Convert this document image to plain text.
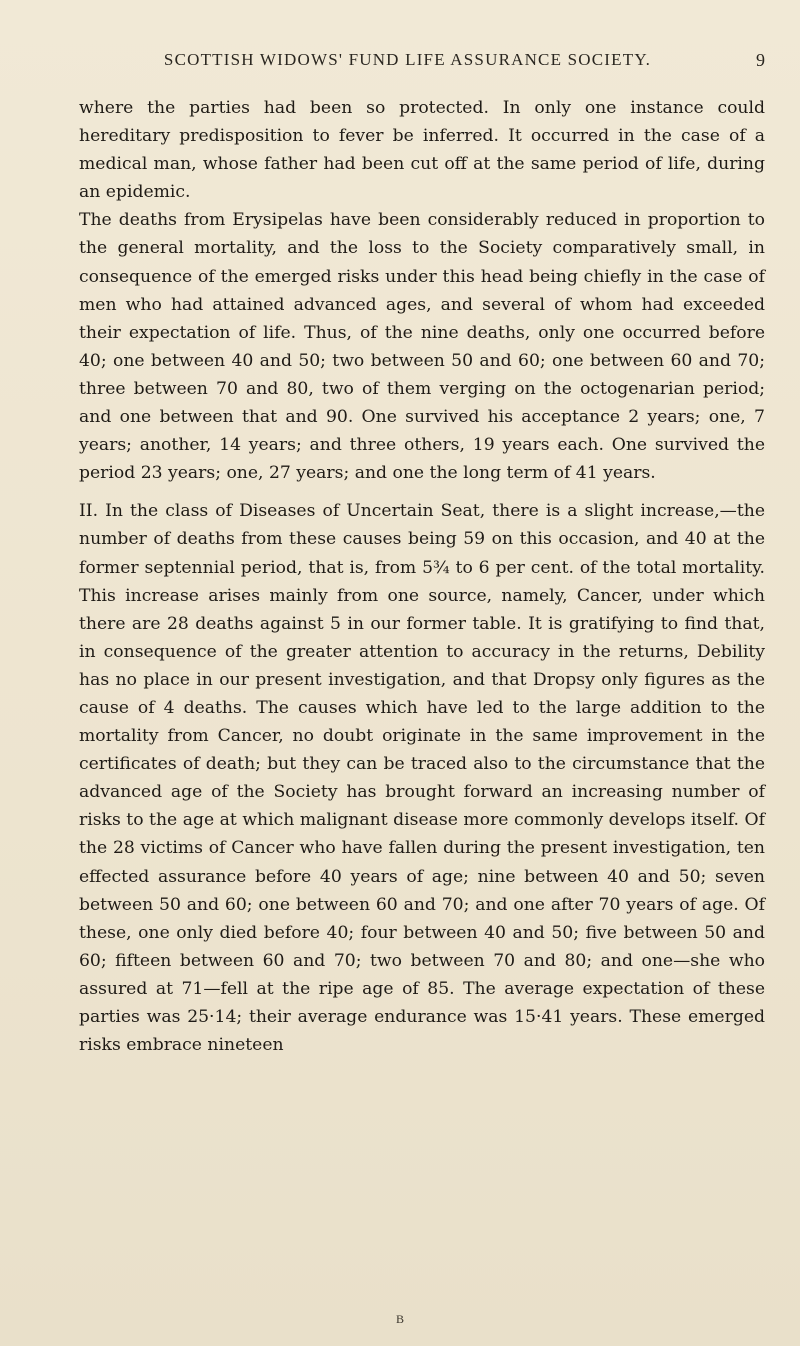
SCOTTISH WIDOWS' FUND LIFE ASSURANCE SOCIETY.	9

where the parties had been so protected. In only one instance could hereditary predisposition to fever be inferred. It occurred in the case of a medical man, whose father had been cut off at the same period of life, during an epidemic.

The deaths from Erysipelas have been considerably reduced in proportion to the general mortality, and the loss to the Society comparatively small, in consequence of the emerged risks under this head being chiefly in the case of men who had attained advanced ages, and several of whom had exceeded their expectation of life. Thus, of the nine deaths, only one occurred before 40; one between 40 and 50; two between 50 and 60; one between 60 and 70; three between 70 and 80, two of them verging on the octogenarian period; and one between that and 90. One survived his acceptance 2 years; one, 7 years; another, 14 years; and three others, 19 years each. One survived the period 23 years; one, 27 years; and one the long term of 41 years.

II. In the class of Diseases of Uncertain Seat, there is a slight increase,—the number of deaths from these causes being 59 on this occasion, and 40 at the former septennial period, that is, from 5¾ to 6 per cent. of the total mortality. This increase arises mainly from one source, namely, Cancer, under which there are 28 deaths against 5 in our former table. It is gratifying to find that, in consequence of the greater attention to accuracy in the returns, Debility has no place in our present investigation, and that Dropsy only figures as the cause of 4 deaths. The causes which have led to the large addition to the mortality from Cancer, no doubt originate in the same improvement in the certificates of death; but they can be traced also to the circumstance that the advanced age of the Society has brought forward an increasing number of risks to the age at which malignant disease more commonly develops itself. Of the 28 victims of Cancer who have fallen during the present investigation, ten effected assurance before 40 years of age; nine between 40 and 50; seven between 50 and 60; one between 60 and 70; and one after 70 years of age. Of these, one only died before 40; four between 40 and 50; five between 50 and 60; fifteen between 60 and 70; two between 70 and 80; and one—she who assured at 71—fell at the ripe age of 85. The average expectation of these parties was 25·14; their average endurance was 15·41 years. These emerged risks embrace nineteen

B
